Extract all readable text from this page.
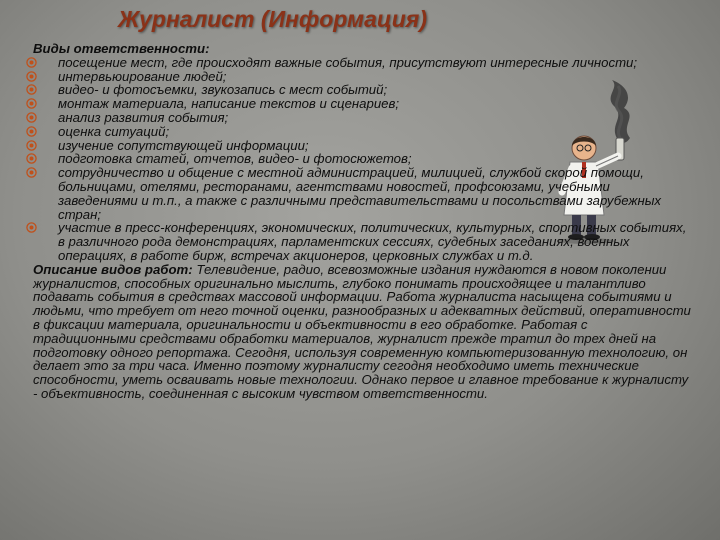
Журналист (Информация)
Виды ответственности:
посещение мест, где происходят важные события, присутствуют интересные личности;
интервьюирование людей;
видео- и фотосъемки, звукозапись с мест событий;
монтаж материала, написание текстов и сценариев;
анализ развития события;
оценка ситуаций;
изучение сопутствующей информации;
подготовка статей, отчетов, видео- и фотосюжетов;
сотрудничество и общение с местной администрацией, милицией, службой скорой помощи, больницами, отелями, ресторанами, агентствами новостей, профсоюзами, учебными заведениями и т.п., а также с различными представительствами и посольствами зарубежных стран;
участие в пресс-конференциях, экономических, политических, культурных, спортивных событиях, в различного рода демонстрациях, парламентских сессиях, судебных заседаниях, военных операциях, в работе бирж, встречах акционеров, церковных службах и т.д.
Описание видов работ: Телевидение, радио, всевозможные издания нуждаются в новом поколении журналистов, способных оригинально мыслить, глубоко понимать происходящее и талантливо подавать события в средствах массовой информации. Работа журналиста насыщена событиями и людьми, что требует от него точной оценки, разнообразных и адекватных действий, оперативности в фиксации материала, оригинальности и объективности в его обработке. Работая с традиционными средствами обработки материалов, журналист прежде тратил до трех дней на подготовку одного репортажа. Сегодня, используя современную компьютеризованную технологию, он делает это за три часа. Именно поэтому журналисту сегодня необходимо иметь технические способности, уметь осваивать новые технологии. Однако первое и главное требование к журналисту - объективность, соединенная с высоким чувством ответственности.
